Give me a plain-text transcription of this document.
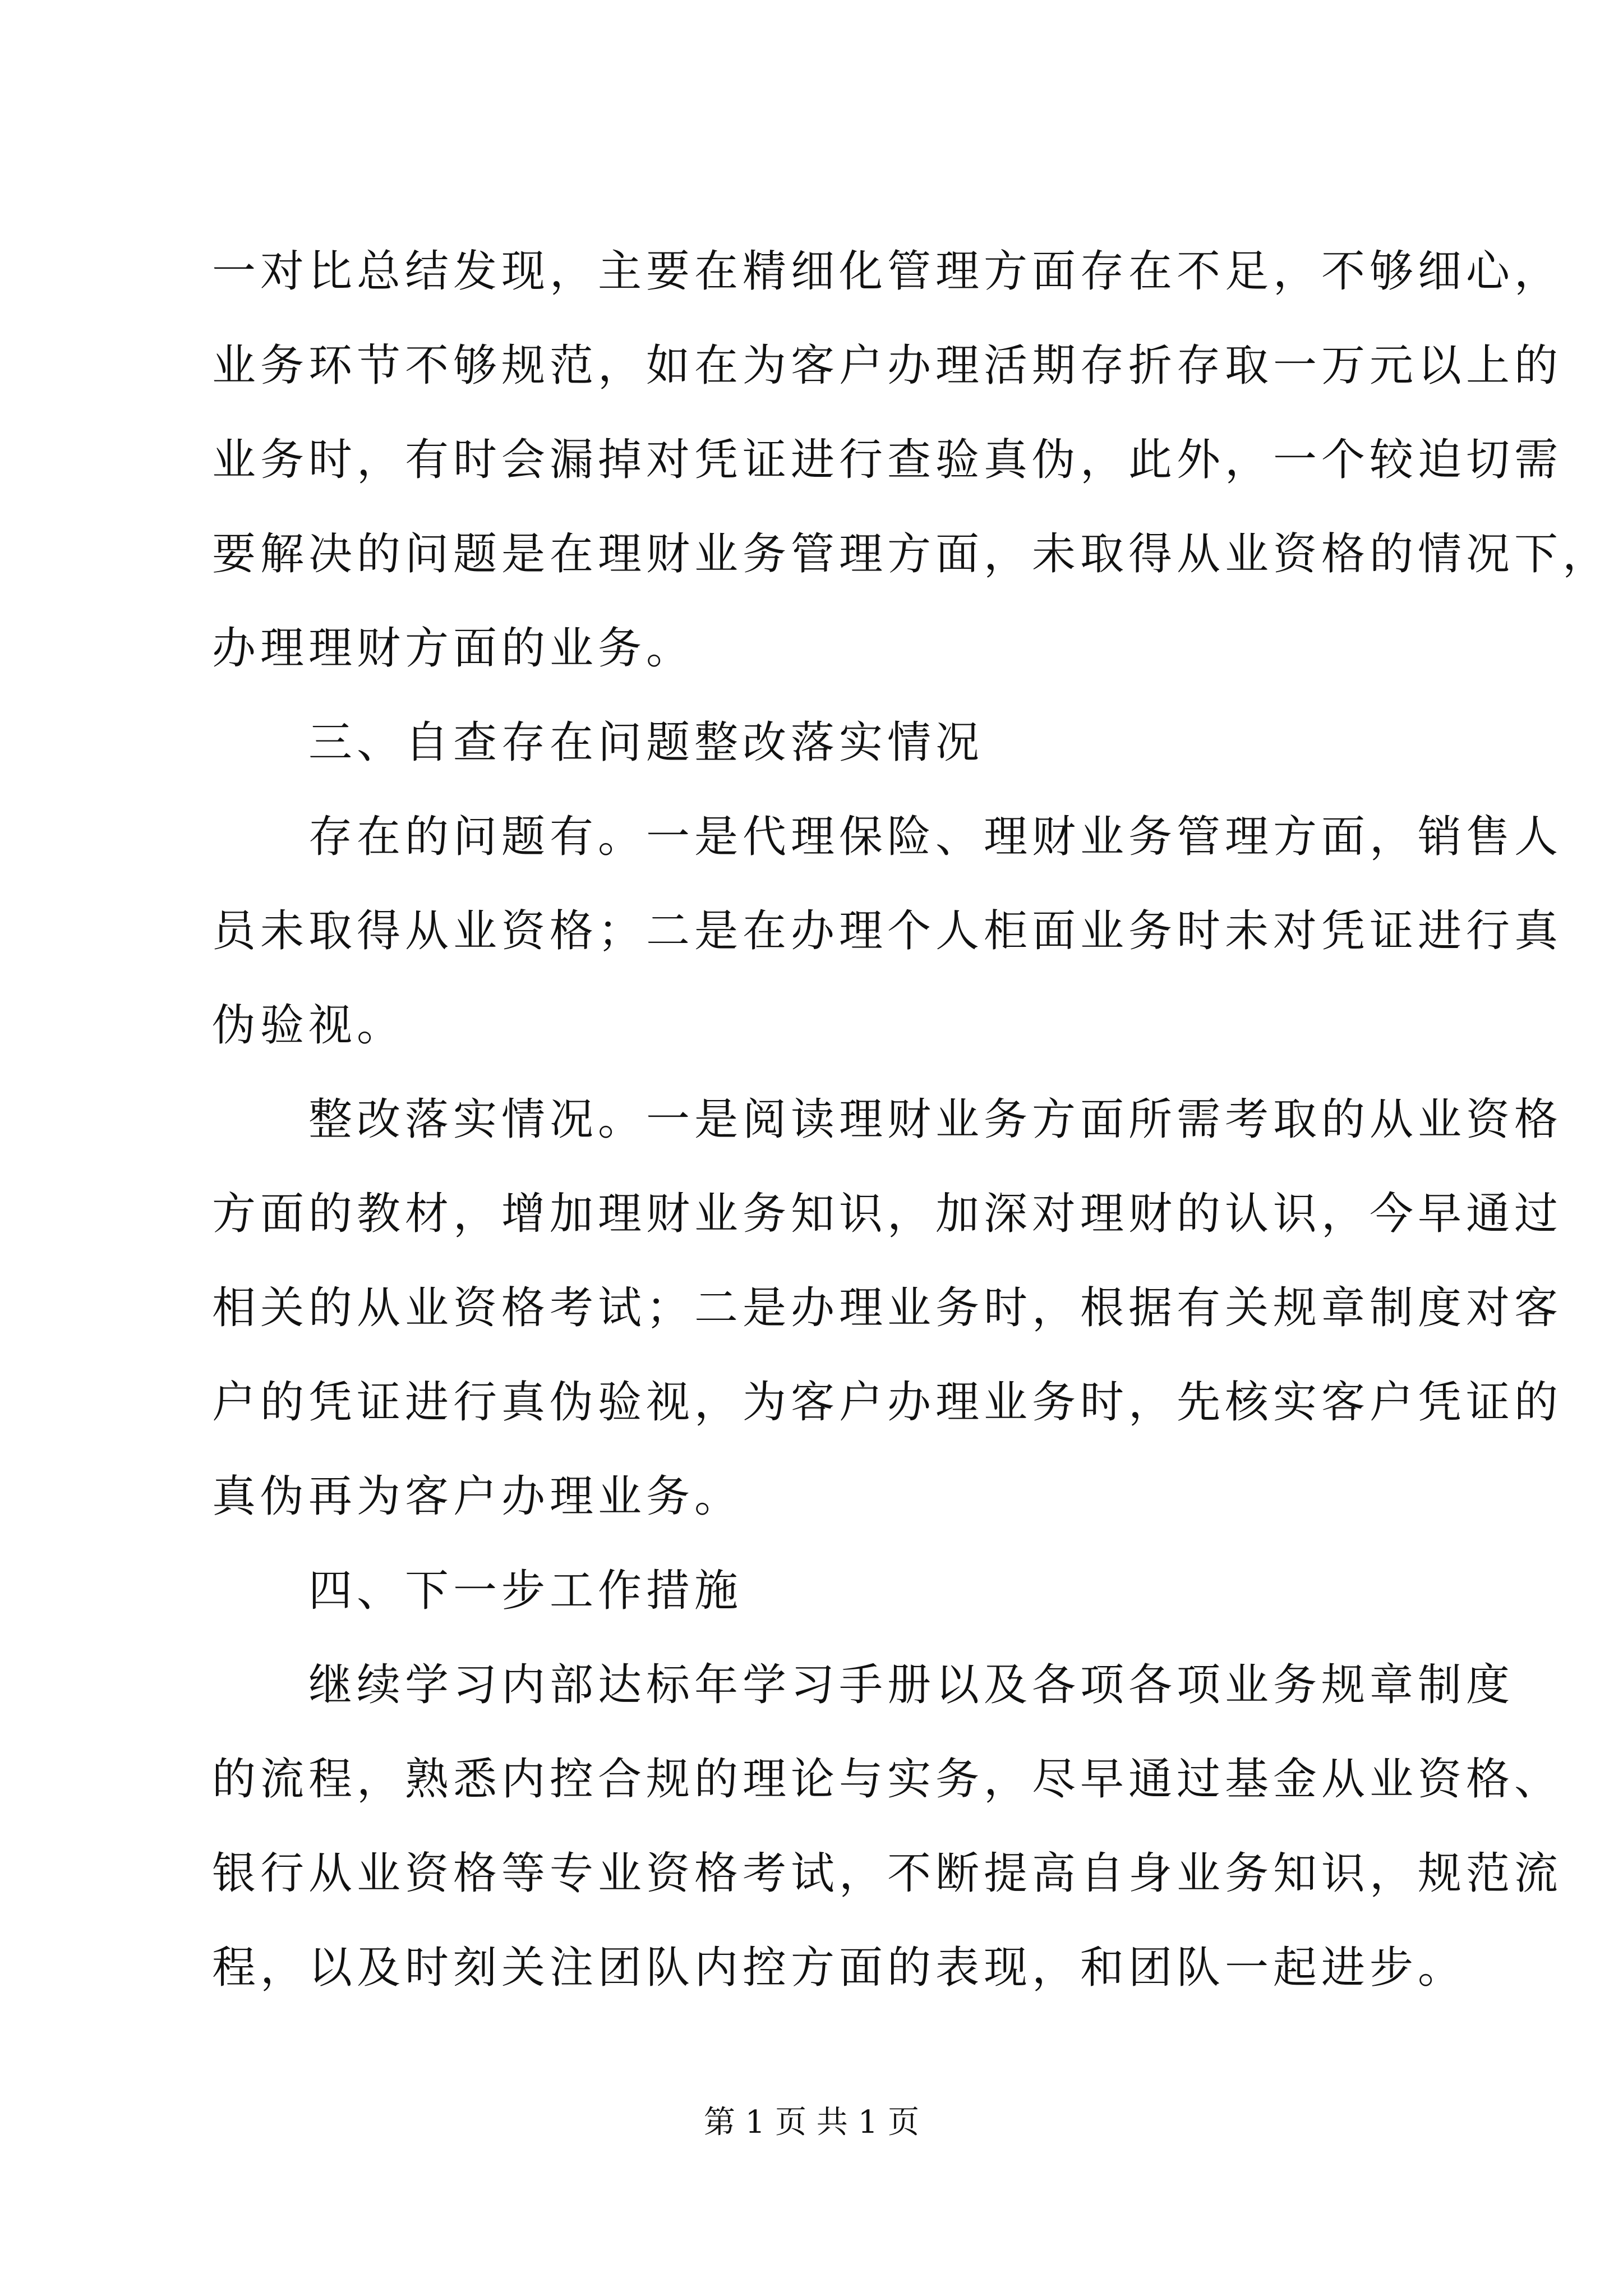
一对比总结发现，主要在精细化管理方面存在不足，不够细心，
业务环节不够规范，如在为客户办理活期存折存取一万元以上的
业务时，有时会漏掉对凭证进行查验真伪，此外，一个较迫切需
要解决的问题是在理财业务管理方面，未取得从业资格的情况下，
办理理财方面的业务。
三、自查存在问题整改落实情况
存在的问题有。一是代理保险、理财业务管理方面，销售人
员未取得从业资格；二是在办理个人柜面业务时未对凭证进行真
伪验视。
整改落实情况。一是阅读理财业务方面所需考取的从业资格
方面的教材，增加理财业务知识，加深对理财的认识，今早通过
相关的从业资格考试；二是办理业务时，根据有关规章制度对客
户的凭证进行真伪验视，为客户办理业务时，先核实客户凭证的
真伪再为客户办理业务。
四、下一步工作措施
继续学习内部达标年学习手册以及各项各项业务规章制度
的流程，熟悉内控合规的理论与实务，尽早通过基金从业资格、
银行从业资格等专业资格考试，不断提高自身业务知识，规范流
程，以及时刻关注团队内控方面的表现，和团队一起进步。
第 1 页 共 1 页
